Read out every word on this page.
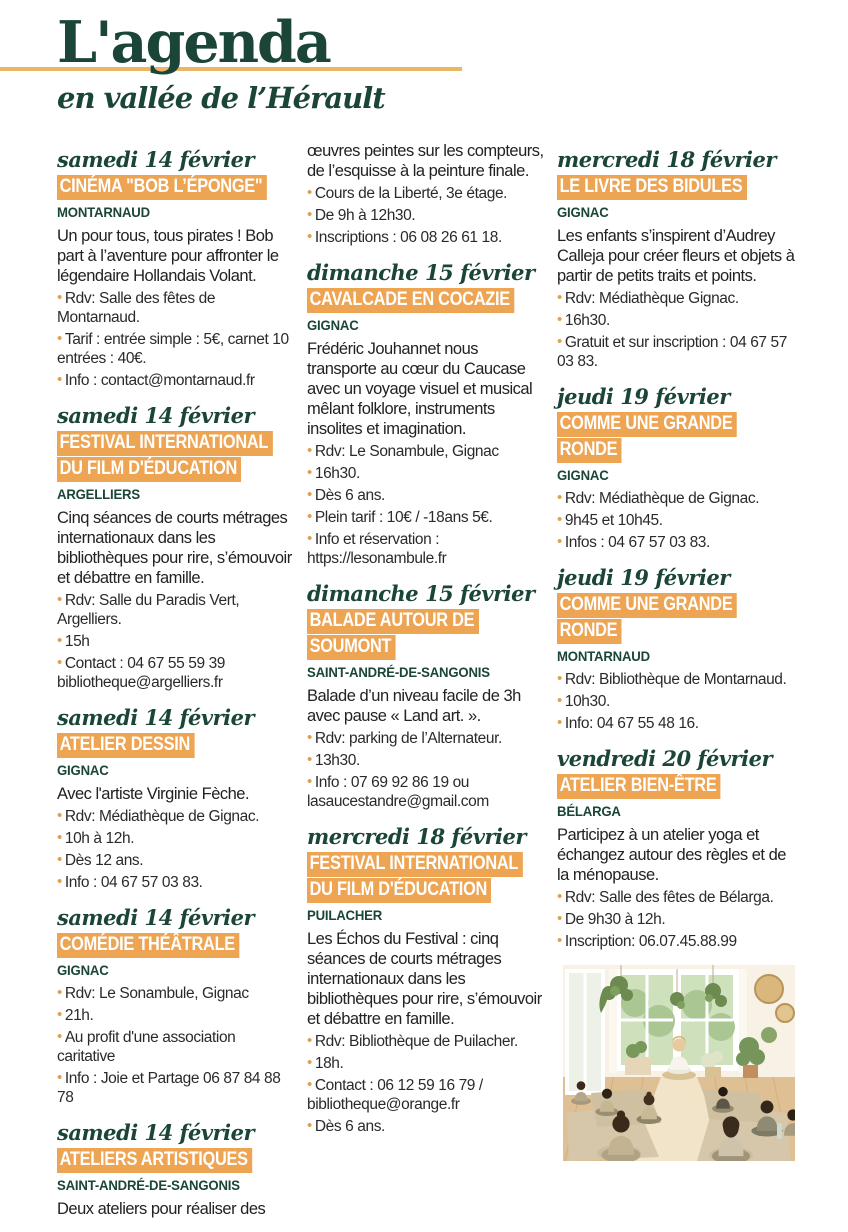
L'agenda
en vallée de l’Hérault
samedi 14 février
CINÉMA "BOB L’ÉPONGE"
MONTARNAUD

Un pour tous, tous pirates ! Bob part à l’aventure pour affronter le légendaire Hollandais Volant.

• Rdv: Salle des fêtes de Montarnaud.
• Tarif : entrée simple : 5€, carnet 10 entrées : 40€.
• Info : contact@montarnaud.fr
samedi 14 février
FESTIVAL INTERNATIONAL
DU FILM D'ÉDUCATION
ARGELLIERS

Cinq séances de courts métrages internationaux dans les bibliothèques pour rire, s’émouvoir et débattre en famille.

• Rdv: Salle du Paradis Vert, Argelliers.
• 15h
• Contact : 04 67 55 59 39 bibliotheque@argelliers.fr
samedi 14 février
ATELIER DESSIN
GIGNAC

Avec l'artiste Virginie Fèche.

• Rdv: Médiathèque de Gignac.
• 10h à 12h.
• Dès 12 ans.
• Info : 04 67 57 03 83.
samedi 14 février
COMÉDIE THÉÂTRALE
GIGNAC
• Rdv: Le Sonambule, Gignac
• 21h.
• Au profit d'une association caritative
• Info : Joie et Partage 06 87 84 88 78
samedi 14 février
ATELIERS ARTISTIQUES
SAINT-ANDRÉ-DE-SANGONIS

Deux ateliers pour réaliser des

œuvres peintes sur les compteurs, de l’esquisse à la peinture finale.

• Cours de la Liberté, 3e étage.
• De 9h à 12h30.
• Inscriptions : 06 08 26 61 18.
dimanche 15 février
CAVALCADE EN COCAZIE
GIGNAC

Frédéric Jouhannet nous transporte au cœur du Caucase avec un voyage visuel et musical mêlant folklore, instruments insolites et imagination.

• Rdv: Le Sonambule, Gignac
• 16h30.
• Dès 6 ans.
• Plein tarif : 10€ / -18ans 5€.
• Info et réservation : https://lesonambule.fr
dimanche 15 février
BALADE AUTOUR DE
SOUMONT
SAINT-ANDRÉ-DE-SANGONIS

Balade d’un niveau facile de 3h avec pause « Land art. ».

• Rdv: parking de l’Alternateur.
• 13h30.
• Info : 07 69 92 86 19 ou lasaucestandre@gmail.com
mercredi 18 février
FESTIVAL INTERNATIONAL
DU FILM D'ÉDUCATION
PUILACHER

Les Échos du Festival : cinq séances de courts métrages internationaux dans les bibliothèques pour rire, s’émouvoir et débattre en famille.

• Rdv: Bibliothèque de Puilacher.
• 18h.
• Contact : 06 12 59 16 79 / bibliotheque@orange.fr
• Dès 6 ans.
mercredi 18 février
LE LIVRE DES BIDULES
GIGNAC

Les enfants s’inspirent d’Audrey Calleja pour créer fleurs et objets à partir de petits traits et points.

• Rdv: Médiathèque Gignac.
• 16h30.
• Gratuit et sur inscription : 04 67 57 03 83.
jeudi 19 février
COMME UNE GRANDE
RONDE
GIGNAC
• Rdv: Médiathèque de Gignac.
• 9h45 et 10h45.
• Infos : 04 67 57 03 83.
jeudi 19 février
COMME UNE GRANDE
RONDE
MONTARNAUD
• Rdv: Bibliothèque de Montarnaud.
• 10h30.
• Info: 04 67 55 48 16.
vendredi 20 février
ATELIER BIEN-ÊTRE
BÉLARGA

Participez à un atelier yoga et échangez autour des règles et de la ménopause.

• Rdv: Salle des fêtes de Bélarga.
• De 9h30 à 12h.
• Inscription: 06.07.45.88.99
